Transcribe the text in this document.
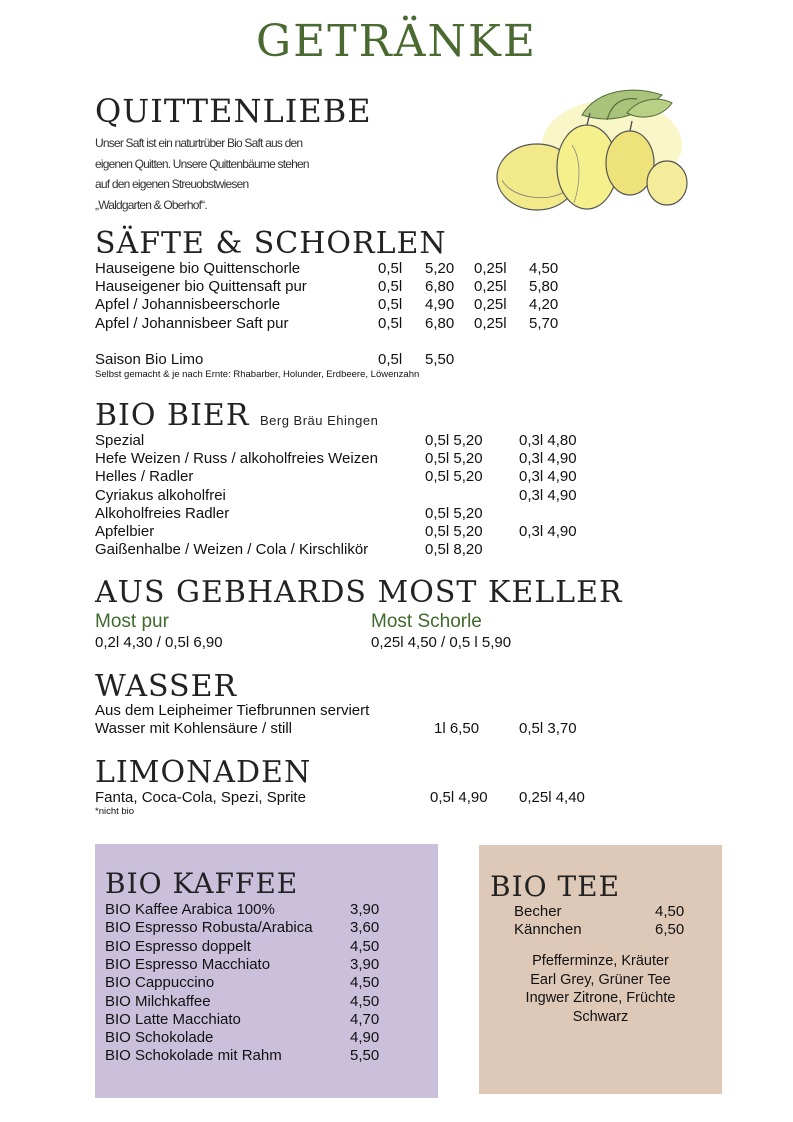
GETRÄNKE
QUITTENLIEBE
Unser Saft ist ein naturtrüber Bio Saft aus den
eigenen Quitten. Unsere Quittenbäume stehen
auf den eigenen Streuobstwiesen
„Waldgarten & Oberhof“.
SÄFTE & SCHORLEN
Hauseigene bio Quittenschorle	0,5l 5,20 0,25l 4,50
Hauseigener bio Quittensaft pur	0,5l 6,80 0,25l 5,80
Apfel / Johannisbeerschorle	0,5l 4,90 0,25l 4,20
Apfel / Johannisbeer Saft pur	0,5l 6,80 0,25l 5,70
Saison Bio Limo	0,5l 5,50
Selbst gemacht & je nach Ernte: Rhabarber, Holunder, Erdbeere, Löwenzahn
BIO BIER Berg Bräu Ehingen
Spezial	0,5l 5,20 0,3l 4,80
Hefe Weizen / Russ / alkoholfreies Weizen	0,5l 5,20 0,3l 4,90
Helles / Radler	0,5l 5,20 0,3l 4,90
Cyriakus alkoholfrei	0,3l 4,90
Alkoholfreies Radler	0,5l 5,20
Apfelbier	0,5l 5,20 0,3l 4,90
Gaißenhalbe / Weizen / Cola / Kirschlikör	0,5l 8,20
AUS GEBHARDS MOST KELLER
Most pur
0,2l 4,30 / 0,5l 6,90
Most Schorle
0,25l 4,50 / 0,5 l 5,90
WASSER
Aus dem Leipheimer Tiefbrunnen serviert
Wasser mit Kohlensäure / still	1l 6,50	0,5l 3,70
LIMONADEN
Fanta, Coca-Cola, Spezi, Sprite	0,5l 4,90 0,25l 4,40
*nicht bio
BIO KAFFEE
BIO Kaffee Arabica 100%	3,90
BIO Espresso Robusta/Arabica 3,60
BIO Espresso doppelt	4,50
BIO Espresso Macchiato	3,90
BIO Cappuccino	4,50
BIO Milchkaffee	4,50
BIO Latte Macchiato	4,70
BIO Schokolade	4,90
BIO Schokolade mit Rahm	5,50
BIO TEE
Becher	4,50
Kännchen	6,50
Pfefferminze, Kräuter
Earl Grey, Grüner Tee
Ingwer Zitrone, Früchte
Schwarz
